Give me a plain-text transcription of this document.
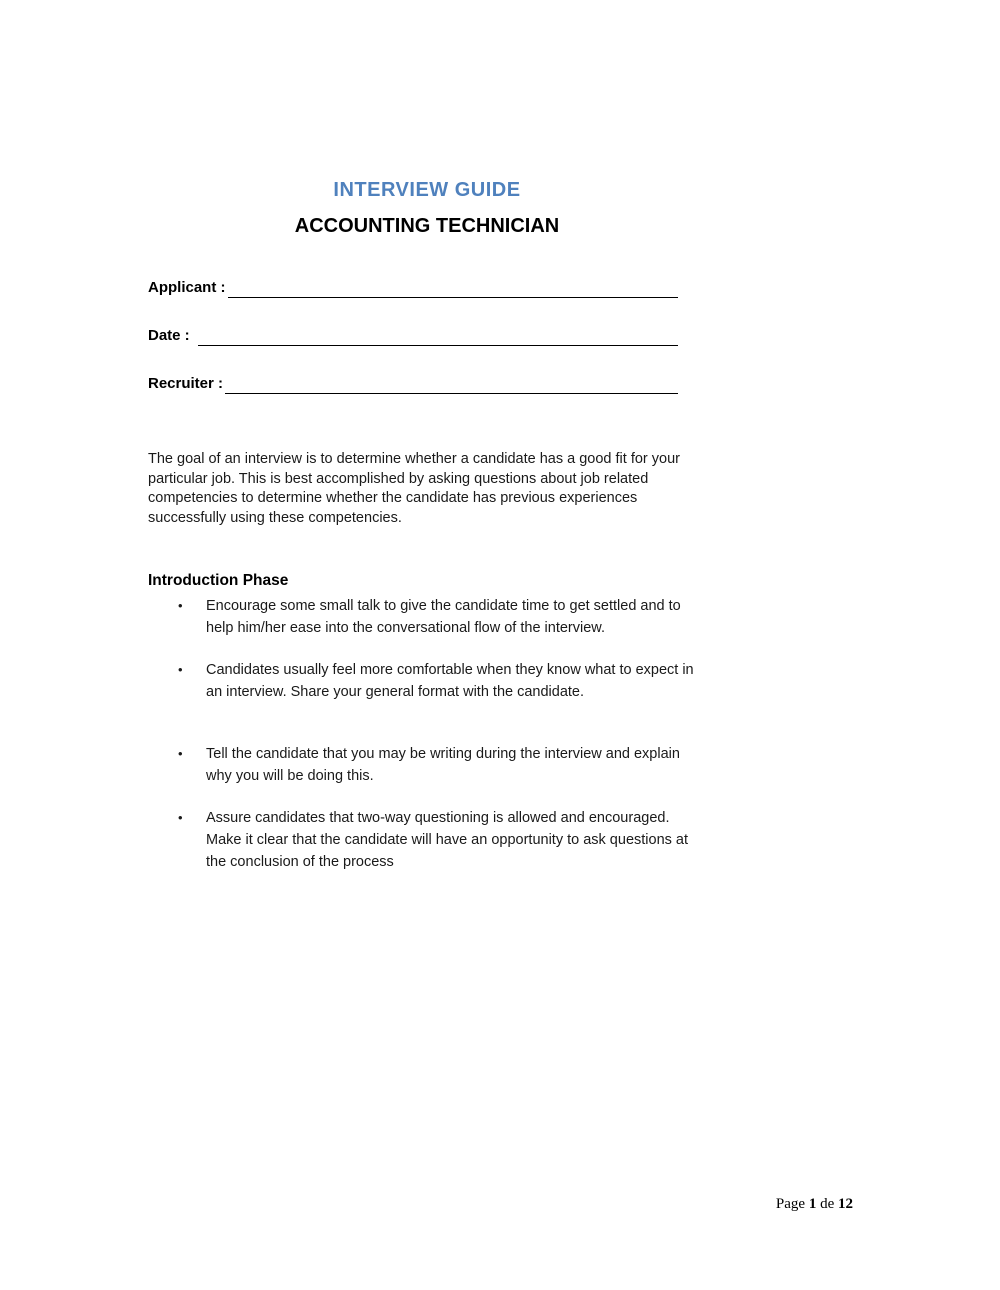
INTERVIEW GUIDE
ACCOUNTING TECHNICIAN
Applicant :
Date :
Recruiter :
The goal of an interview is to determine whether a candidate has a good fit for your particular job. This is best accomplished by asking questions about job related competencies to determine whether the candidate has previous experiences successfully using these competencies.
Introduction Phase
•	Encourage some small talk to give the candidate time to get settled and to help him/her ease into the conversational flow of the interview.
•	Candidates usually feel more comfortable when they know what to expect in an interview. Share your general format with the candidate.
•	Tell the candidate that you may be writing during the interview and explain why you will be doing this.
•	Assure candidates that two-way questioning is allowed and encouraged. Make it clear that the candidate will have an opportunity to ask questions at the conclusion of the process
Page 1 de 12
